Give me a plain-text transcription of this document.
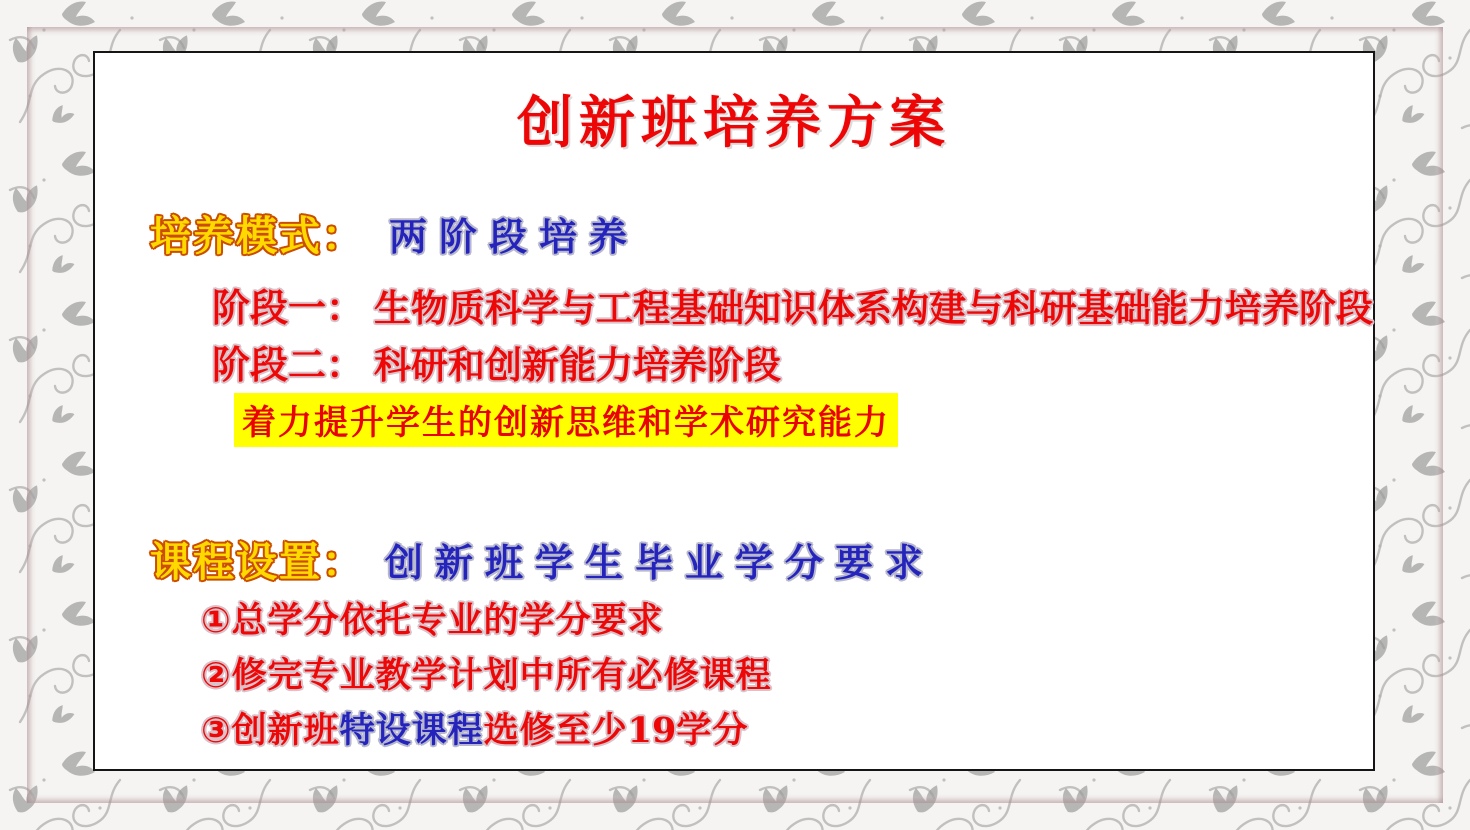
创新班培养方案
培养模式： 两阶段培养
阶段一： 生物质科学与工程基础知识体系构建与科研基础能力培养阶段
阶段二： 科研和创新能力培养阶段
着力提升学生的创新思维和学术研究能力
课程设置： 创新班学生毕业学分要求
①总学分依托专业的学分要求
②修完专业教学计划中所有必修课程
③创新班 特设课程 选修至少 19 学分
